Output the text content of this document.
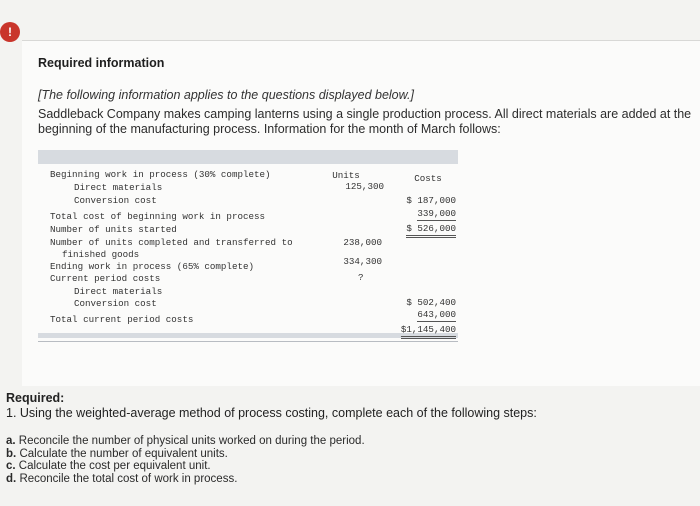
!
Required information
[The following information applies to the questions displayed below.]
Saddleback Company makes camping lanterns using a single production process. All direct materials are added at the beginning of the manufacturing process. Information for the month of March follows:
Units	Costs
Beginning work in process (30% complete)
125,300
Direct materials
Conversion cost	$ 187,000
339,000
Total cost of beginning work in process
$ 526,000
Number of units started
238,000
Number of units completed and transferred to
finished goods
334,300
Ending work in process (65% complete)
?
Current period costs
Direct materials
$ 502,400
Conversion cost
643,000
Total current period costs
$1,145,400
Required:
1. Using the weighted-average method of process costing, complete each of the following steps:
a. Reconcile the number of physical units worked on during the period.
b. Calculate the number of equivalent units.
c. Calculate the cost per equivalent unit.
d. Reconcile the total cost of work in process.
